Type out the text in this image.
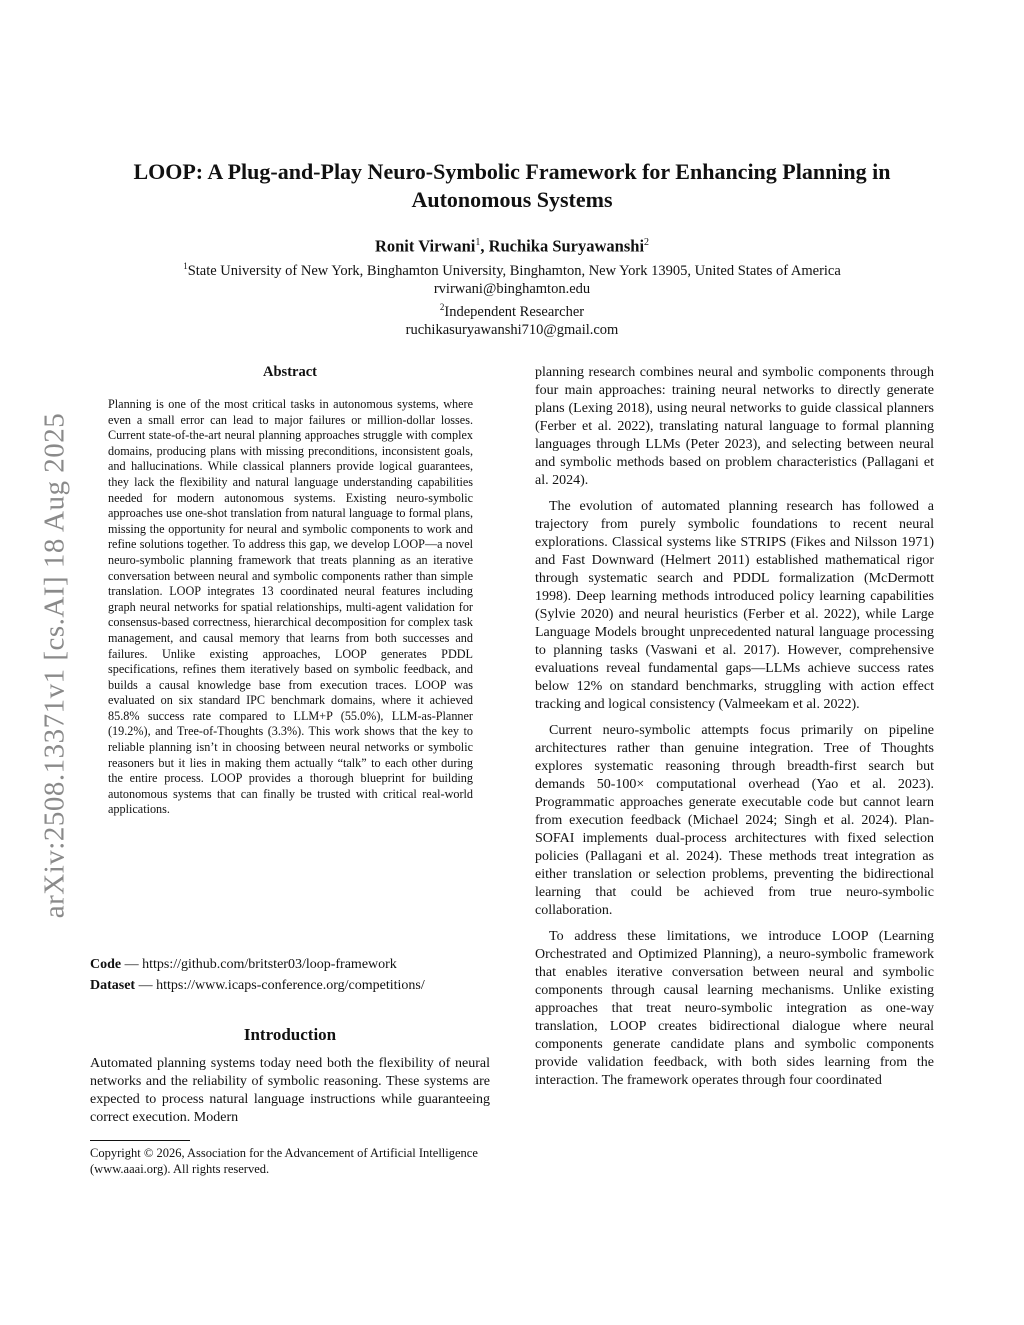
arXiv:2508.13371v1 [cs.AI] 18 Aug 2025
LOOP: A Plug-and-Play Neuro-Symbolic Framework for Enhancing Planning in Autonomous Systems
Ronit Virwani$^1$, Ruchika Suryawanshi$^2$
$^1$State University of New York, Binghamton University, Binghamton, New York 13905, United States of America
rvirwani@binghamton.edu
$^2$Independent Researcher
ruchikasuryawanshi710@gmail.com
Abstract
Planning is one of the most critical tasks in autonomous systems, where even a small error can lead to major failures or million-dollar losses. Current state-of-the-art neural planning approaches struggle with complex domains, producing plans with missing preconditions, inconsistent goals, and hallucinations. While classical planners provide logical guarantees, they lack the flexibility and natural language understanding capabilities needed for modern autonomous systems. Existing neuro-symbolic approaches use one-shot translation from natural language to formal plans, missing the opportunity for neural and symbolic components to work and refine solutions together. To address this gap, we develop LOOP—a novel neuro-symbolic planning framework that treats planning as an iterative conversation between neural and symbolic components rather than simple translation. LOOP integrates 13 coordinated neural features including graph neural networks for spatial relationships, multi-agent validation for consensus-based correctness, hierarchical decomposition for complex task management, and causal memory that learns from both successes and failures. Unlike existing approaches, LOOP generates PDDL specifications, refines them iteratively based on symbolic feedback, and builds a causal knowledge base from execution traces. LOOP was evaluated on six standard IPC benchmark domains, where it achieved 85.8% success rate compared to LLM+P (55.0%), LLM-as-Planner (19.2%), and Tree-of-Thoughts (3.3%). This work shows that the key to reliable planning isn’t in choosing between neural networks or symbolic reasoners but it lies in making them actually “talk” to each other during the entire process. LOOP provides a thorough blueprint for building autonomous systems that can finally be trusted with critical real-world applications.
Code — https://github.com/britster03/loop-framework
Dataset — https://www.icaps-conference.org/competitions/
Introduction
Automated planning systems today need both the flexibility of neural networks and the reliability of symbolic reasoning. These systems are expected to process natural language instructions while guaranteeing correct execution. Modern
Copyright © 2026, Association for the Advancement of Artificial Intelligence (www.aaai.org). All rights reserved.

planning research combines neural and symbolic components through four main approaches: training neural networks to directly generate plans (Lexing 2018), using neural networks to guide classical planners (Ferber et al. 2022), translating natural language to formal planning languages through LLMs (Peter 2023), and selecting between neural and symbolic methods based on problem characteristics (Pallagani et al. 2024).

The evolution of automated planning research has followed a trajectory from purely symbolic foundations to recent neural explorations. Classical systems like STRIPS (Fikes and Nilsson 1971) and Fast Downward (Helmert 2011) established mathematical rigor through systematic search and PDDL formalization (McDermott 1998). Deep learning methods introduced policy learning capabilities (Sylvie 2020) and neural heuristics (Ferber et al. 2022), while Large Language Models brought unprecedented natural language processing to planning tasks (Vaswani et al. 2017). However, comprehensive evaluations reveal fundamental gaps—LLMs achieve success rates below 12% on standard benchmarks, struggling with action effect tracking and logical consistency (Valmeekam et al. 2022).

Current neuro-symbolic attempts focus primarily on pipeline architectures rather than genuine integration. Tree of Thoughts explores systematic reasoning through breadth-first search but demands 50-100× computational overhead (Yao et al. 2023). Programmatic approaches generate executable code but cannot learn from execution feedback (Michael 2024; Singh et al. 2024). Plan-SOFAI implements dual-process architectures with fixed selection policies (Pallagani et al. 2024). These methods treat integration as either translation or selection problems, preventing the bidirectional learning that could be achieved from true neuro-symbolic collaboration.

To address these limitations, we introduce LOOP (Learning Orchestrated and Optimized Planning), a neuro-symbolic framework that enables iterative conversation between neural and symbolic components through causal learning mechanisms. Unlike existing approaches that treat neuro-symbolic integration as one-way translation, LOOP creates bidirectional dialogue where neural components generate candidate plans and symbolic components provide validation feedback, with both sides learning from the interaction. The framework operates through four coordinated
